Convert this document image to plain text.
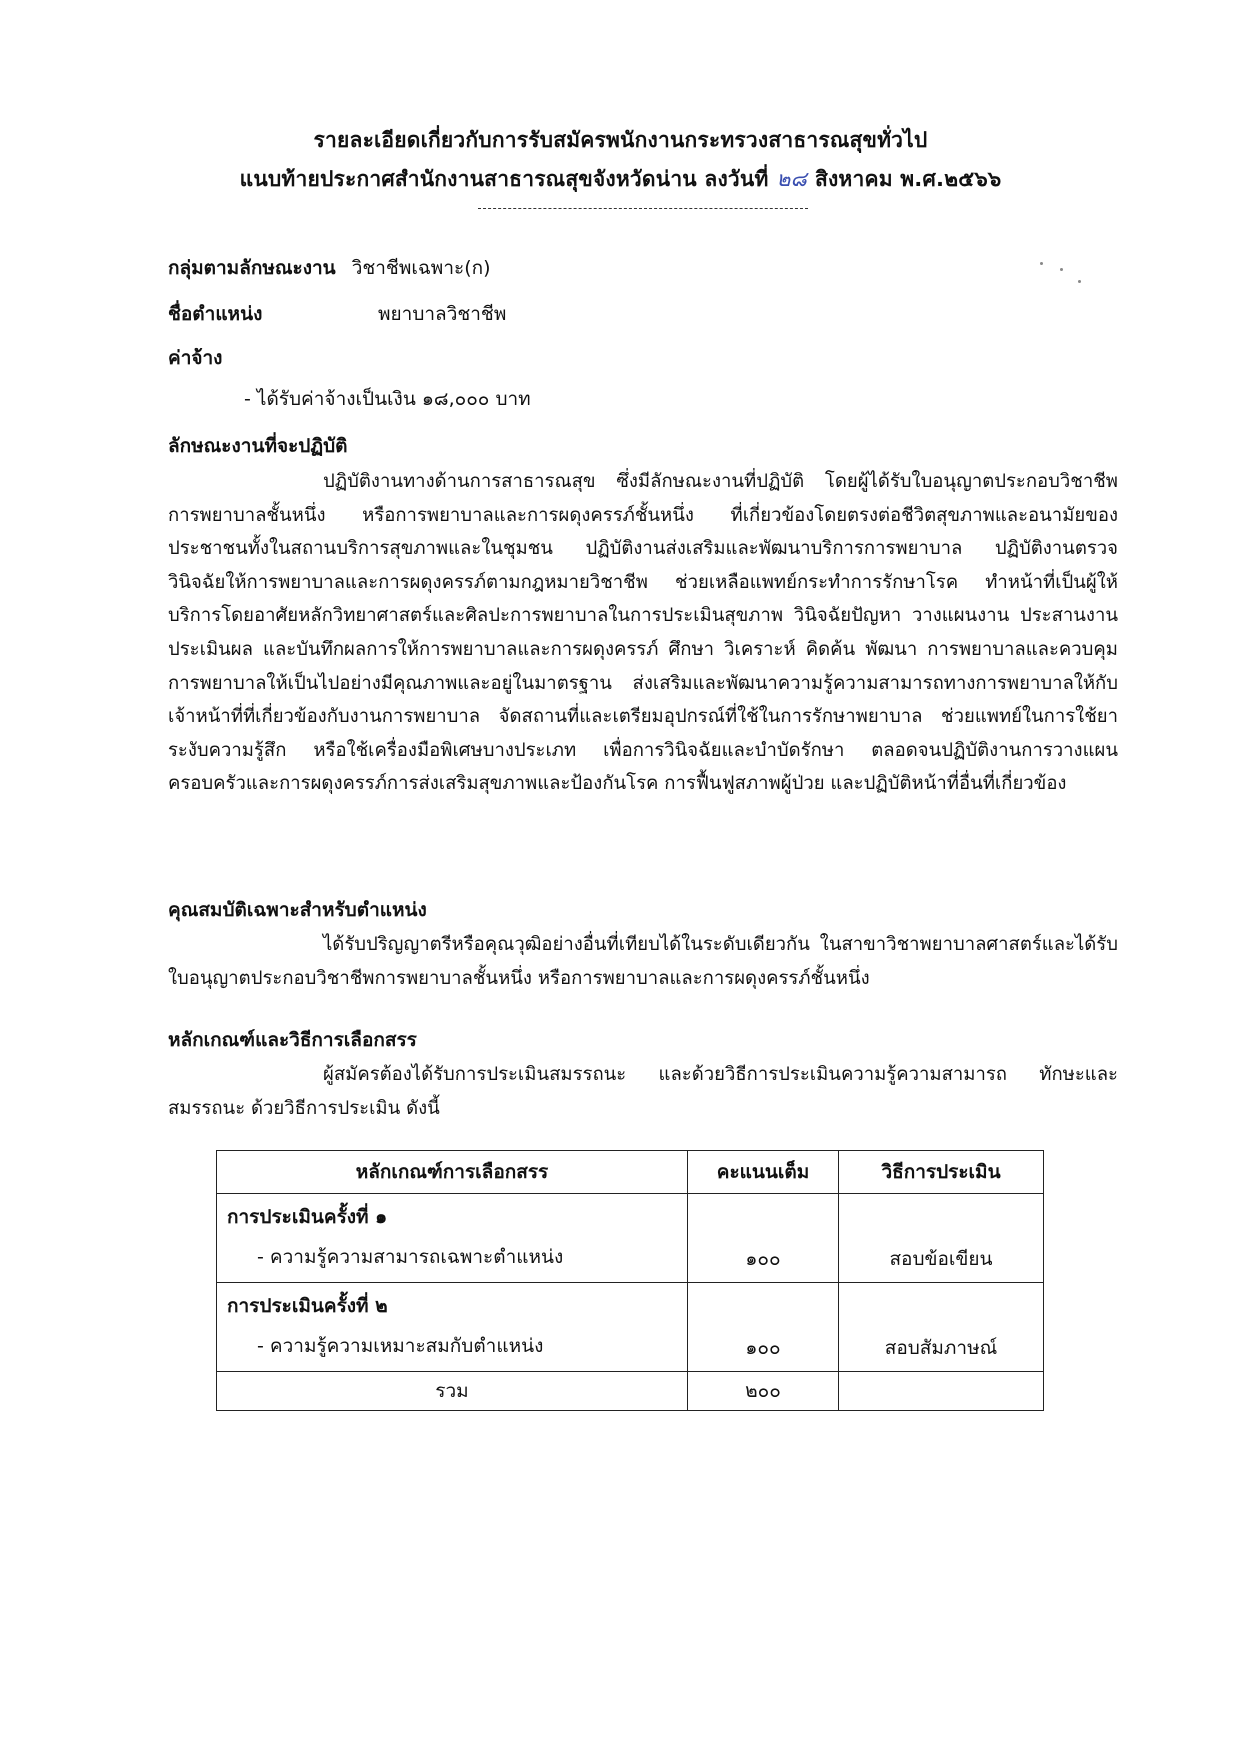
รายละเอียดเกี่ยวกับการรับสมัครพนักงานกระทรวงสาธารณสุขทั่วไป
แนบท้ายประกาศสำนักงานสาธารณสุขจังหวัดน่าน ลงวันที่ ๒๘ สิงหาคม พ.ศ.๒๕๖๖
กลุ่มตามลักษณะงาน วิชาชีพเฉพาะ(ก)
ชื่อตำแหน่ง	พยาบาลวิชาชีพ
ค่าจ้าง
- ได้รับค่าจ้างเป็นเงิน ๑๘,๐๐๐ บาท
ลักษณะงานที่จะปฏิบัติ

ปฏิบัติงานทางด้านการสาธารณสุข ซึ่งมีลักษณะงานที่ปฏิบัติ โดยผู้ได้รับใบอนุญาตประกอบวิชาชีพการพยาบาลชั้นหนึ่ง หรือการพยาบาลและการผดุงครรภ์ชั้นหนึ่ง ที่เกี่ยวข้องโดยตรงต่อชีวิตสุขภาพและอนามัยของประชาชนทั้งในสถานบริการสุขภาพและในชุมชน ปฏิบัติงานส่งเสริมและพัฒนาบริการการพยาบาล ปฏิบัติงานตรวจวินิจฉัยให้การพยาบาลและการผดุงครรภ์ตามกฎหมายวิชาชีพ ช่วยเหลือแพทย์กระทำการรักษาโรค ทำหน้าที่เป็นผู้ให้บริการโดยอาศัยหลักวิทยาศาสตร์และศิลปะการพยาบาลในการประเมินสุขภาพ วินิจฉัยปัญหา วางแผนงาน ประสานงาน ประเมินผล และบันทึกผลการให้การพยาบาลและการผดุงครรภ์ ศึกษา วิเคราะห์ คิดค้น พัฒนา การพยาบาลและควบคุมการพยาบาลให้เป็นไปอย่างมีคุณภาพและอยู่ในมาตรฐาน ส่งเสริมและพัฒนาความรู้ความสามารถทางการพยาบาลให้กับเจ้าหน้าที่ที่เกี่ยวข้องกับงานการพยาบาล จัดสถานที่และเตรียมอุปกรณ์ที่ใช้ในการรักษาพยาบาล ช่วยแพทย์ในการใช้ยาระงับความรู้สึก หรือใช้เครื่องมือพิเศษบางประเภท เพื่อการวินิจฉัยและบำบัดรักษา ตลอดจนปฏิบัติงานการวางแผนครอบครัวและการผดุงครรภ์การส่งเสริมสุขภาพและป้องกันโรค การฟื้นฟูสภาพผู้ป่วย และปฏิบัติหน้าที่อื่นที่เกี่ยวข้อง

คุณสมบัติเฉพาะสำหรับตำแหน่ง

ได้รับปริญญาตรีหรือคุณวุฒิอย่างอื่นที่เทียบได้ในระดับเดียวกัน ในสาขาวิชาพยาบาลศาสตร์และได้รับใบอนุญาตประกอบวิชาชีพการพยาบาลชั้นหนึ่ง หรือการพยาบาลและการผดุงครรภ์ชั้นหนึ่ง

หลักเกณฑ์และวิธีการเลือกสรร

ผู้สมัครต้องได้รับการประเมินสมรรถนะ และด้วยวิธีการประเมินความรู้ความสามารถ ทักษะและสมรรถนะ ด้วยวิธีการประเมิน ดังนี้

หลักเกณฑ์การเลือกสรร	คะแนนเต็ม	วิธีการประเมิน

การประเมินครั้งที่ ๑
- ความรู้ความสามารถเฉพาะตำแหน่ง	๑๐๐	สอบข้อเขียน

การประเมินครั้งที่ ๒
- ความรู้ความเหมาะสมกับตำแหน่ง	๑๐๐	สอบสัมภาษณ์
รวม	๒๐๐	
